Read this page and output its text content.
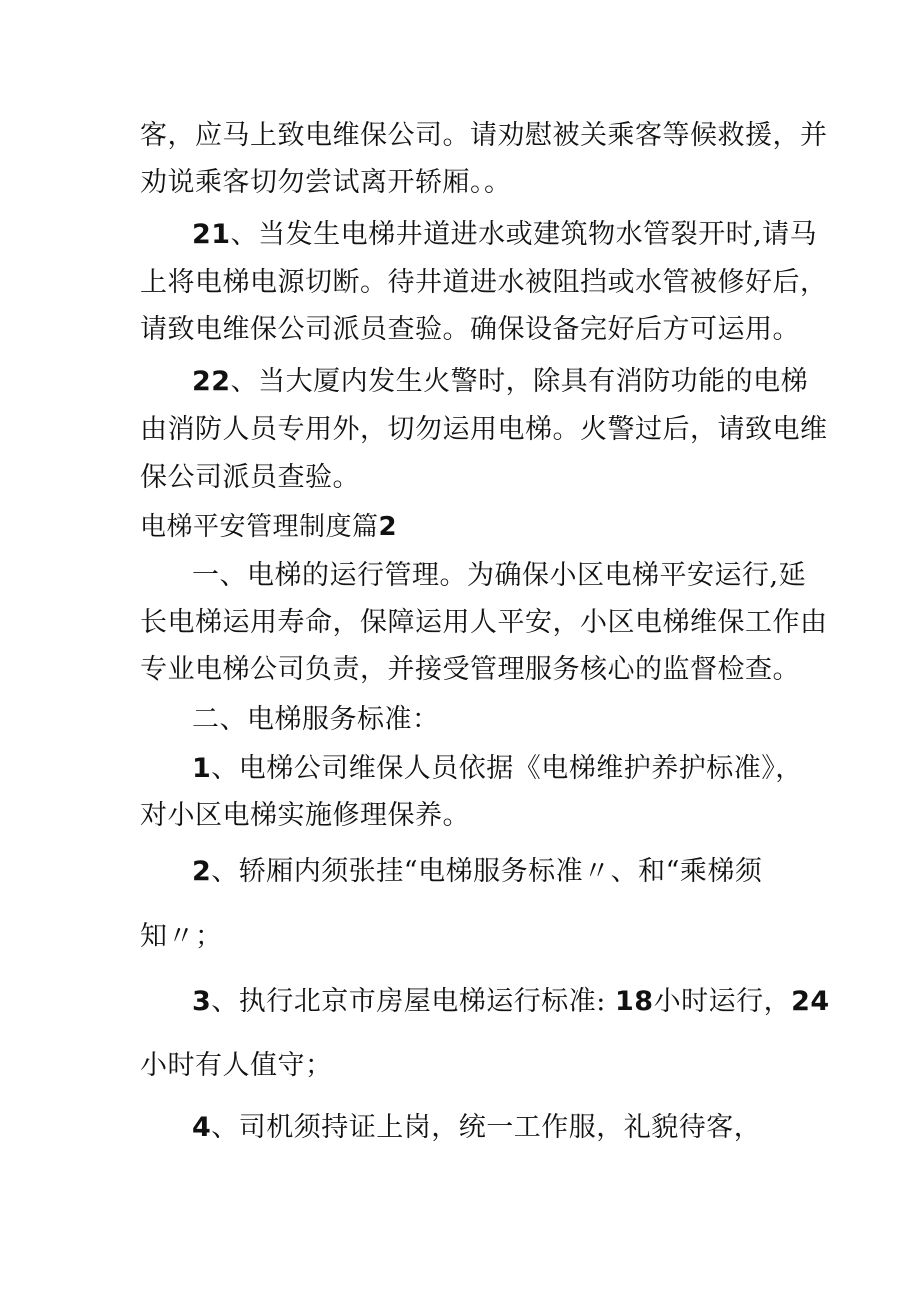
客，应马上致电维保公司。请劝慰被关乘客等候救援，并
劝说乘客切勿尝试离开轿厢。。
21、当发生电梯井道进水或建筑物水管裂开时,请马
上将电梯电源切断。待井道进水被阻挡或水管被修好后，
请致电维保公司派员查验。确保设备完好后方可运用。
22、当大厦内发生火警时，除具有消防功能的电梯
由消防人员专用外，切勿运用电梯。火警过后，请致电维
保公司派员查验。
电梯平安管理制度篇2
一、电梯的运行管理。为确保小区电梯平安运行,延
长电梯运用寿命，保障运用人平安，小区电梯维保工作由
专业电梯公司负责，并接受管理服务核心的监督检查。
二、电梯服务标准：
1、电梯公司维保人员依据《电梯维护养护标准》，
对小区电梯实施修理保养。
2、轿厢内须张挂“电梯服务标准〃、和“乘梯须
知〃；
3、执行北京市房屋电梯运行标准: 18小时运行，24
小时有人值守；
4、司机须持证上岗，统一工作服，礼貌待客，
